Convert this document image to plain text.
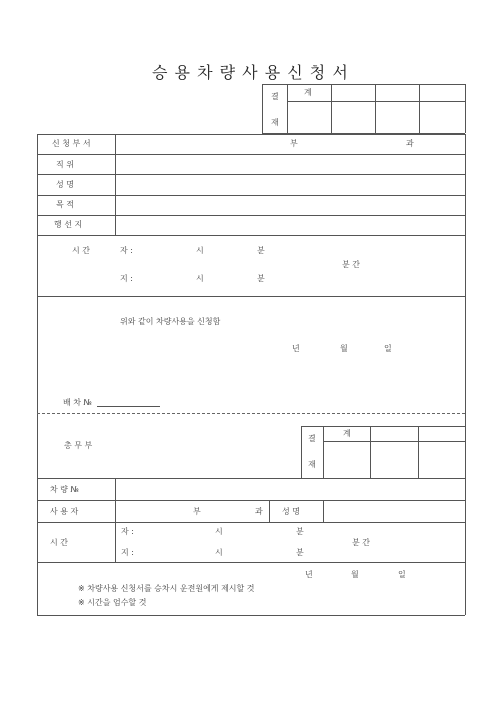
승 용 차 량 사 용 신 청 서
결
재
계
신 청 부 서	부	과
직 위
성 명
목 적
행 선 지
시 간	자 :	시	분
분 간
지 :	시	분
위와 같이 차량사용을 신청함
년	월	일
배 차 №
총 무 부
결
재
계
차 량 №
사 용 자	부	과 성 명
시 간
자 :	시	분
분 간
지 :	시	분
년	월	일
※ 차량사용 신청서를 승차시 운전원에게 제시할 것
※ 시간을 엄수할 것
